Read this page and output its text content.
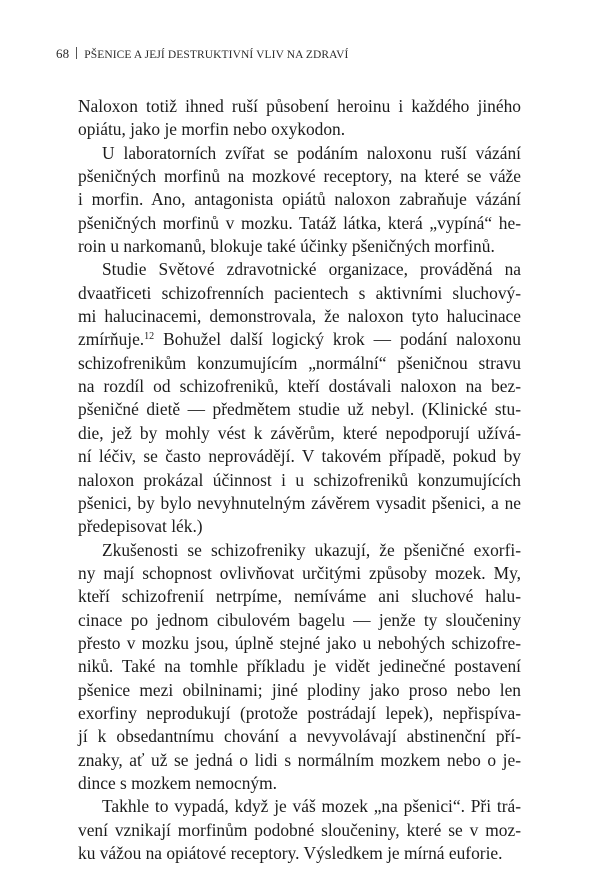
68 PŠENICE A JEJÍ DESTRUKTIVNÍ VLIV NA ZDRAVÍ
Naloxon totiž ihned ruší působení heroinu i každého jiného
opiátu, jako je morfin nebo oxykodon.
U laboratorních zvířat se podáním naloxonu ruší vázání
pšeničných morfinů na mozkové receptory, na které se váže
i morfin. Ano, antagonista opiátů naloxon zabraňuje vázání
pšeničných morfinů v mozku. Tatáž látka, která „vypíná“ he-
roin u narkomanů, blokuje také účinky pšeničných morfinů.
Studie Světové zdravotnické organizace, prováděná na
dvaatřiceti schizofrenních pacientech s aktivními sluchový-
mi halucinacemi, demonstrovala, že naloxon tyto halucinace
zmírňuje.$^{12}$ Bohužel další logický krok — podání naloxonu
schizofrenikům konzumujícím „normální“ pšeničnou stravu
na rozdíl od schizofreniků, kteří dostávali naloxon na bez-
pšeničné dietě — předmětem studie už nebyl. (Klinické stu-
die, jež by mohly vést k závěrům, které nepodporují užívá-
ní léčiv, se často neprovádějí. V takovém případě, pokud by
naloxon prokázal účinnost i u schizofreniků konzumujících
pšenici, by bylo nevyhnutelným závěrem vysadit pšenici, a ne
předepisovat lék.)
Zkušenosti se schizofreniky ukazují, že pšeničné exorfi-
ny mají schopnost ovlivňovat určitými způsoby mozek. My,
kteří schizofrenií netrpíme, nemíváme ani sluchové halu-
cinace po jednom cibulovém bagelu — jenže ty sloučeniny
přesto v mozku jsou, úplně stejné jako u nebohých schizofre-
niků. Také na tomhle příkladu je vidět jedinečné postavení
pšenice mezi obilninami; jiné plodiny jako proso nebo len
exorfiny neprodukují (protože postrádají lepek), nepřispíva-
jí k obsedantnímu chování a nevyvolávají abstinenční pří-
znaky, ať už se jedná o lidi s normálním mozkem nebo o je-
dince s mozkem nemocným.
Takhle to vypadá, když je váš mozek „na pšenici“. Při trá-
vení vznikají morfinům podobné sloučeniny, které se v moz-
ku vážou na opiátové receptory. Výsledkem je mírná euforie.
